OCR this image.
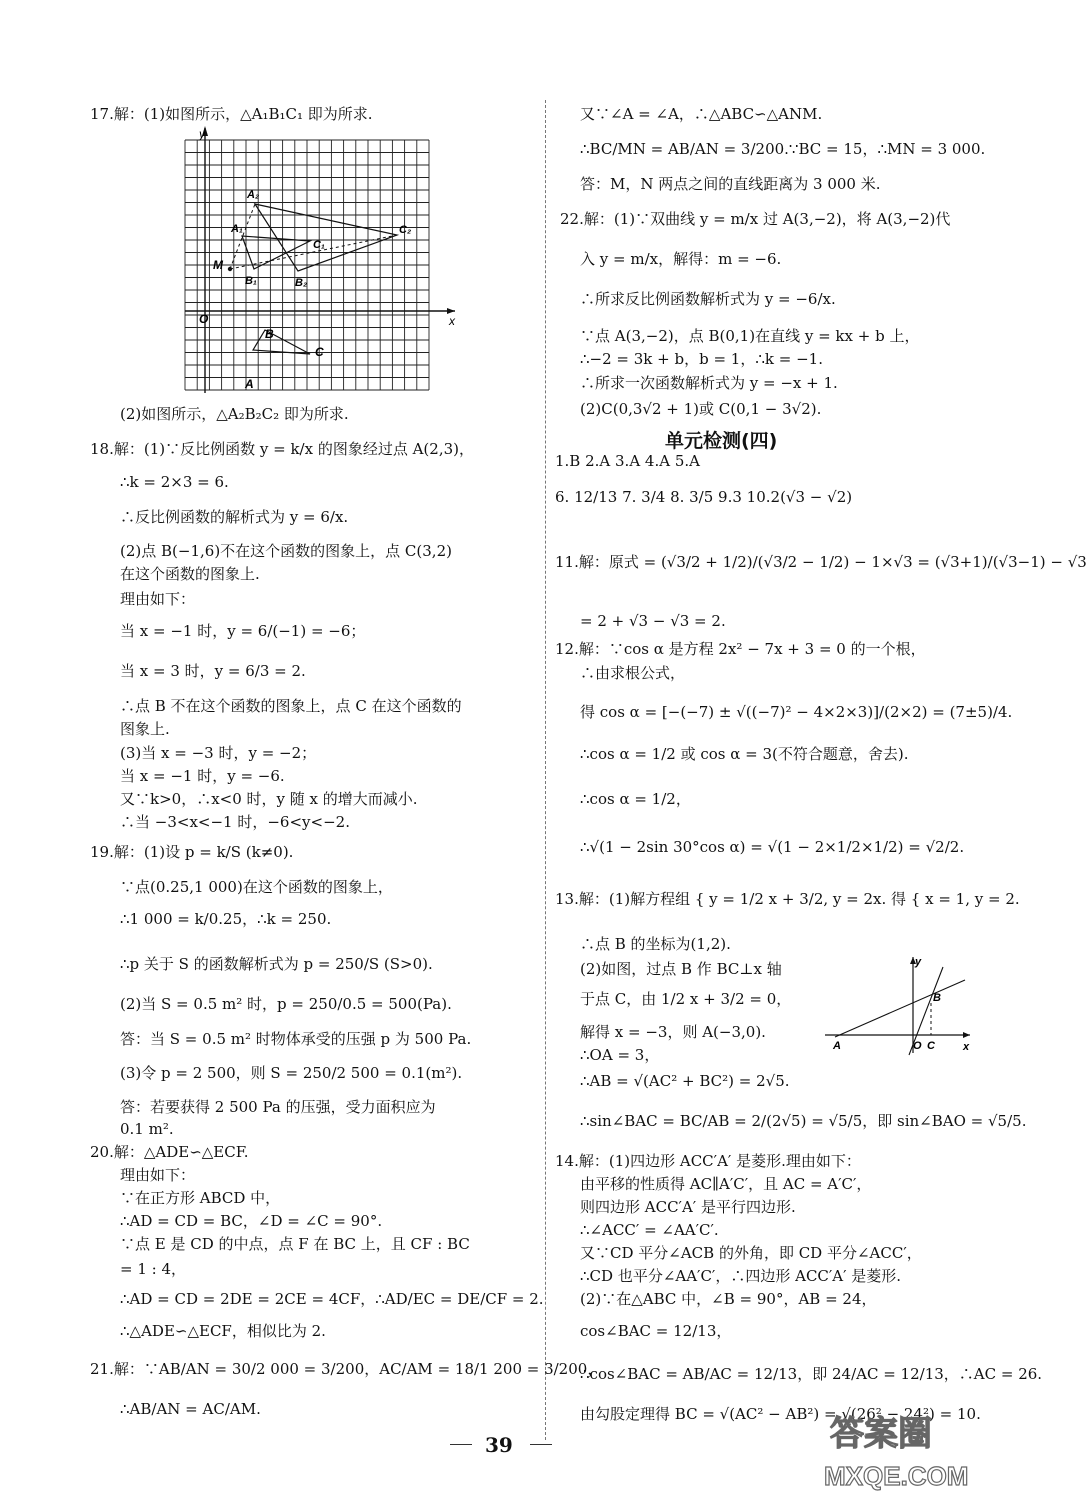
17.解：(1)如图所示，△A₁B₁C₁ 即为所求.
y
x
O
M
A
B
C
A₁
B₁
C₁
A₂
B₂
C₂
(2)如图所示，△A₂B₂C₂ 即为所求.
18.解：(1)∵反比例函数 y = k/x 的图象经过点 A(2,3)，
∴k = 2×3 = 6.
∴反比例函数的解析式为 y = 6/x.
(2)点 B(−1,6)不在这个函数的图象上，点 C(3,2)
在这个函数的图象上.
理由如下：
当 x = −1 时，y = 6/(−1) = −6；
当 x = 3 时，y = 6/3 = 2.
∴点 B 不在这个函数的图象上，点 C 在这个函数的
图象上.
(3)当 x = −3 时，y = −2；
当 x = −1 时，y = −6.
又∵k>0，∴x<0 时，y 随 x 的增大而减小.
∴当 −3<x<−1 时，−6<y<−2.
19.解：(1)设 p = k/S (k≠0).
∵点(0.25,1 000)在这个函数的图象上，
∴1 000 = k/0.25，∴k = 250.
∴p 关于 S 的函数解析式为 p = 250/S (S>0).
(2)当 S = 0.5 m² 时，p = 250/0.5 = 500(Pa).
答：当 S = 0.5 m² 时物体承受的压强 p 为 500 Pa.
(3)令 p = 2 500，则 S = 250/2 500 = 0.1(m²).
答：若要获得 2 500 Pa 的压强，受力面积应为
0.1 m².
20.解：△ADE∽△ECF.
理由如下：
∵在正方形 ABCD 中，
∴AD = CD = BC，∠D = ∠C = 90°.
∵点 E 是 CD 的中点，点 F 在 BC 上，且 CF : BC
= 1 : 4，
∴AD = CD = 2DE = 2CE = 4CF，∴AD/EC = DE/CF = 2.
∴△ADE∽△ECF，相似比为 2.
21.解：∵AB/AN = 30/2 000 = 3/200，AC/AM = 18/1 200 = 3/200，
∴AB/AN = AC/AM.
又∵∠A = ∠A，∴△ABC∽△ANM.
∴BC/MN = AB/AN = 3/200.∵BC = 15，∴MN = 3 000.
答：M，N 两点之间的直线距离为 3 000 米.
22.解：(1)∵双曲线 y = m/x 过 A(3,−2)，将 A(3,−2)代
入 y = m/x，解得：m = −6.
∴所求反比例函数解析式为 y = −6/x.
∵点 A(3,−2)，点 B(0,1)在直线 y = kx + b 上，
∴−2 = 3k + b，b = 1，∴k = −1.
∴所求一次函数解析式为 y = −x + 1.
(2)C(0,3√2 + 1)或 C(0,1 − 3√2).
单元检测(四)
1.B 2.A 3.A 4.A 5.A
6. 12/13 7. 3/4 8. 3/5 9.3 10.2(√3 − √2)
11.解：原式 = (√3/2 + 1/2)/(√3/2 − 1/2) − 1×√3 = (√3+1)/(√3−1) − √3
= 2 + √3 − √3 = 2.
12.解：∵cos α 是方程 2x² − 7x + 3 = 0 的一个根，
∴由求根公式，
得 cos α = [−(−7) ± √((−7)² − 4×2×3)]/(2×2) = (7±5)/4.
∴cos α = 1/2 或 cos α = 3(不符合题意，舍去).
∴cos α = 1/2，
∴√(1 − 2sin 30°cos α) = √(1 − 2×1/2×1/2) = √2/2.
13.解：(1)解方程组 { y = 1/2 x + 3/2, y = 2x. 得 { x = 1, y = 2.
∴点 B 的坐标为(1,2).
(2)如图，过点 B 作 BC⊥x 轴
于点 C，由 1/2 x + 3/2 = 0，
解得 x = −3，则 A(−3,0).
∴OA = 3，
∴AB = √(AC² + BC²) = 2√5.
∴sin∠BAC = BC/AB = 2/(2√5) = √5/5，即 sin∠BAO = √5/5.
y
x
A
B
O C
14.解：(1)四边形 ACC′A′ 是菱形.理由如下：
由平移的性质得 AC∥A′C′，且 AC = A′C′，
则四边形 ACC′A′ 是平行四边形.
∴∠ACC′ = ∠AA′C′.
又∵CD 平分∠ACB 的外角，即 CD 平分∠ACC′，
∴CD 也平分∠AA′C′，∴四边形 ACC′A′ 是菱形.
(2)∵在△ABC 中，∠B = 90°，AB = 24，
cos∠BAC = 12/13，
∴cos∠BAC = AB/AC = 12/13，即 24/AC = 12/13，∴AC = 26.
由勾股定理得 BC = √(AC² − AB²) = √(26² − 24²) = 10.
39	答案圈
MXQE.COM
